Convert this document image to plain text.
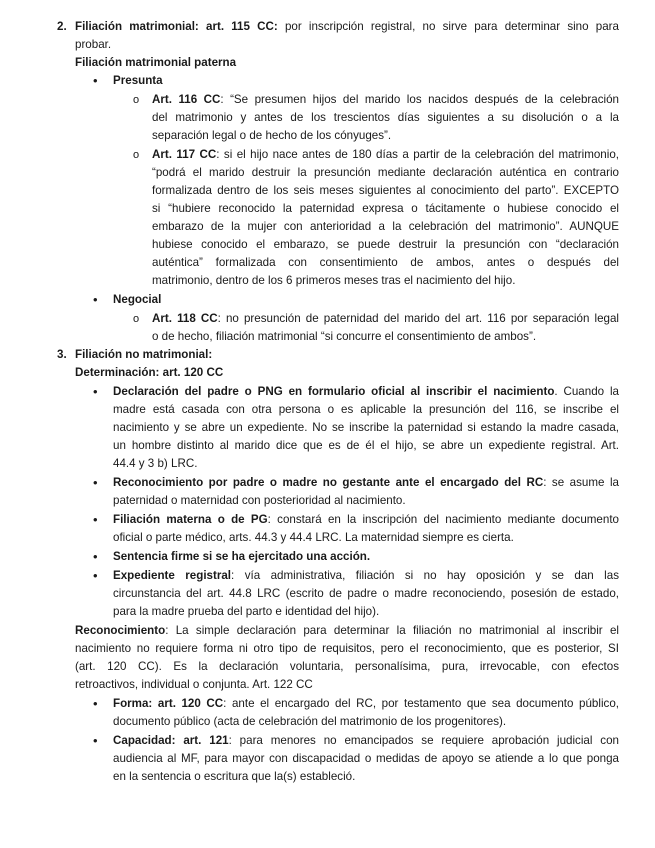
2. Filiación matrimonial: art. 115 CC: por inscripción registral, no sirve para determinar sino para
probar.
Filiación matrimonial paterna
• Presunta
o Art. 116 CC: “Se presumen hijos del marido los nacidos después de la celebración
del matrimonio y antes de los trescientos días siguientes a su disolución o a la
separación legal o de hecho de los cónyuges”.
o Art. 117 CC: si el hijo nace antes de 180 días a partir de la celebración del matrimonio,
“podrá el marido destruir la presunción mediante declaración auténtica en contrario
formalizada dentro de los seis meses siguientes al conocimiento del parto”. EXCEPTO
si “hubiere reconocido la paternidad expresa o tácitamente o hubiese conocido el
embarazo de la mujer con anterioridad a la celebración del matrimonio”. AUNQUE
hubiese conocido el embarazo, se puede destruir la presunción con “declaración
auténtica” formalizada con consentimiento de ambos, antes o después del
matrimonio, dentro de los 6 primeros meses tras el nacimiento del hijo.
• Negocial
o Art. 118 CC: no presunción de paternidad del marido del art. 116 por separación legal
o de hecho, filiación matrimonial “si concurre el consentimiento de ambos”.
3. Filiación no matrimonial:
Determinación: art. 120 CC
• Declaración del padre o PNG en formulario oficial al inscribir el nacimiento. Cuando la
madre está casada con otra persona o es aplicable la presunción del 116, se inscribe el
nacimiento y se abre un expediente. No se inscribe la paternidad si estando la madre casada,
un hombre distinto al marido dice que es de él el hijo, se abre un expediente registral. Art.
44.4 y 3 b) LRC.
• Reconocimiento por padre o madre no gestante ante el encargado del RC: se asume la
paternidad o maternidad con posterioridad al nacimiento.
• Filiación materna o de PG: constará en la inscripción del nacimiento mediante documento
oficial o parte médico, arts. 44.3 y 44.4 LRC. La maternidad siempre es cierta.
• Sentencia firme si se ha ejercitado una acción.
• Expediente registral: vía administrativa, filiación si no hay oposición y se dan las
circunstancia del art. 44.8 LRC (escrito de padre o madre reconociendo, posesión de estado,
para la madre prueba del parto e identidad del hijo).
Reconocimiento: La simple declaración para determinar la filiación no matrimonial al inscribir el
nacimiento no requiere forma ni otro tipo de requisitos, pero el reconocimiento, que es posterior, SI
(art. 120 CC). Es la declaración voluntaria, personalísima, pura, irrevocable, con efectos
retroactivos, individual o conjunta. Art. 122 CC
• Forma: art. 120 CC: ante el encargado del RC, por testamento que sea documento público,
documento público (acta de celebración del matrimonio de los progenitores).
• Capacidad: art. 121: para menores no emancipados se requiere aprobación judicial con
audiencia al MF, para mayor con discapacidad o medidas de apoyo se atiende a lo que ponga
en la sentencia o escritura que la(s) estableció.
